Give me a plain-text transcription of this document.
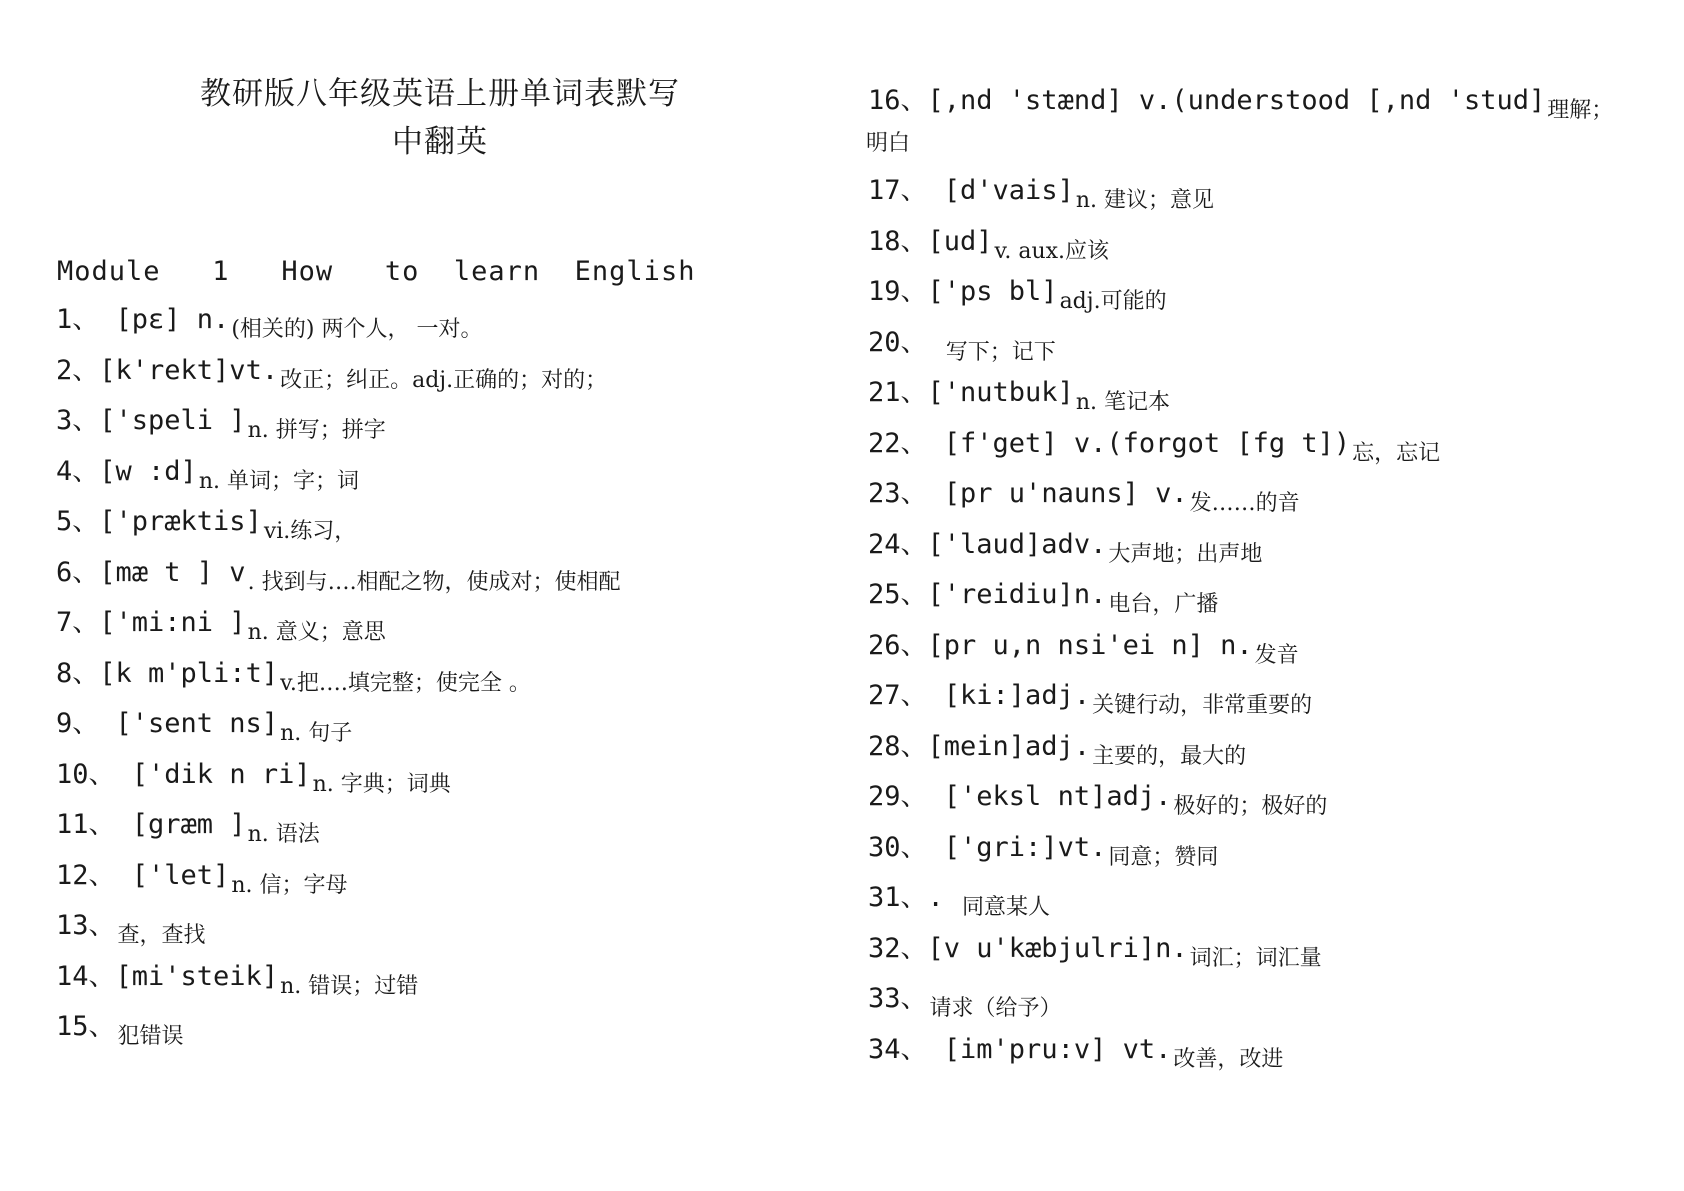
教研版八年级英语上册单词表默写
中翻英
Module   1   How   to  learn  English
1、 [pɛ] n.(相关的) 两个人， 一对。
2、[k'rekt]vt.改正；纠正。adj.正确的；对的；
3、['speli ]n. 拼写；拼字
4、[w :d]n. 单词；字；词
5、['præktis]vi.练习，
6、[mæ t ] v. 找到与….相配之物，使成对；使相配
7、['mi:ni ]n. 意义；意思
8、[k m'pli:t]v.把….填完整；使完全 。
9、 ['sent ns]n. 句子
10、 ['dik n ri]n. 字典；词典
11、 [græm ]n. 语法
12、 ['let]n. 信；字母
13、查，查找
14、[mi'steik]n. 错误；过错
15、犯错误
16、[,nd 'stænd] v.(understood [,nd 'stud]理解；
明白
17、 [d'vais]n. 建议；意见
18、[ud]v. aux.应该
19、['ps bl]adj.可能的
20、 写下；记下
21、['nutbuk]n. 笔记本
22、 [f'get] v.(forgot [fg t])忘，忘记
23、 [pr u'nauns] v.发……的音
24、['laud]adv.大声地；出声地
25、['reidiu]n.电台，广播
26、[pr u,n nsi'ei n] n.发音
27、 [ki:]adj.关键行动，非常重要的
28、[mein]adj.主要的，最大的
29、 ['eksl nt]adj.极好的；极好的
30、 ['gri:]vt.同意；赞同
31、. 同意某人
32、[v u'kæbjulri]n.词汇；词汇量
33、请求（给予）
34、 [im'pru:v] vt.改善，改进
